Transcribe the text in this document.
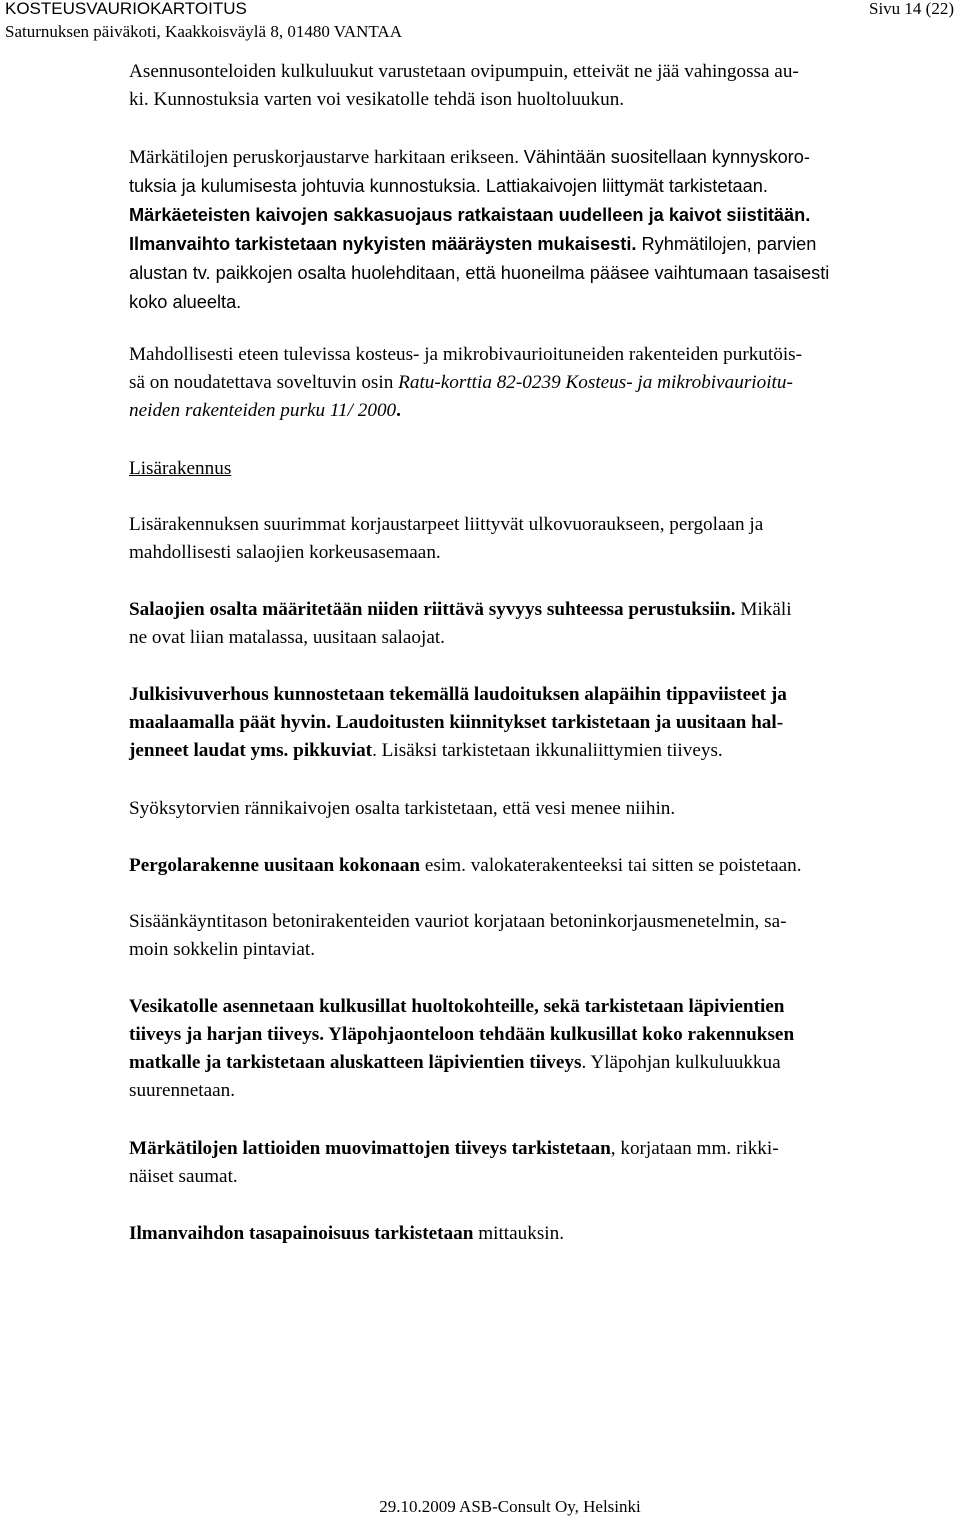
KOSTEUSVAURIOKARTOITUS
Saturnuksen päiväkoti, Kaakkoisväylä 8, 01480 VANTAA
Sivu 14 (22)
Asennusonteloiden kulkuluukut varustetaan ovipumpuin, etteivät ne jää vahingossa au-
ki. Kunnostuksia varten voi vesikatolle tehdä ison huoltoluukun.
Märkätilojen peruskorjaustarve harkitaan erikseen. Vähintään suositellaan kynnyskoro-
tuksia ja kulumisesta johtuvia kunnostuksia. Lattiakaivojen liittymät tarkistetaan.
Märkäeteisten kaivojen sakkasuojaus ratkaistaan uudelleen ja kaivot siistitään.
Ilmanvaihto tarkistetaan nykyisten määräysten mukaisesti. Ryhmätilojen, parvien
alustan tv. paikkojen osalta huolehditaan, että huoneilma pääsee vaihtumaan tasaisesti
koko alueelta.
Mahdollisesti eteen tulevissa kosteus- ja mikrobivaurioituneiden rakenteiden purkutöis-
sä on noudatettava soveltuvin osin Ratu-korttia 82-0239 Kosteus- ja mikrobivaurioitu-
neiden rakenteiden purku 11/ 2000.
Lisärakennus
Lisärakennuksen suurimmat korjaustarpeet liittyvät ulkovuoraukseen, pergolaan ja
mahdollisesti salaojien korkeusasemaan.
Salaojien osalta määritetään niiden riittävä syvyys suhteessa perustuksiin. Mikäli
ne ovat liian matalassa, uusitaan salaojat.
Julkisivuverhous kunnostetaan tekemällä laudoituksen alapäihin tippaviisteet ja
maalaamalla päät hyvin. Laudoitusten kiinnitykset tarkistetaan ja uusitaan hal-
jenneet laudat yms. pikkuviat. Lisäksi tarkistetaan ikkunaliittymien tiiveys.
Syöksytorvien rännikaivojen osalta tarkistetaan, että vesi menee niihin.
Pergolarakenne uusitaan kokonaan esim. valokaterakenteeksi tai sitten se poistetaan.
Sisäänkäyntitason betonirakenteiden vauriot korjataan betoninkorjausmenetelmin, sa-
moin sokkelin pintaviat.
Vesikatolle asennetaan kulkusillat huoltokohteille, sekä tarkistetaan läpivientien
tiiveys ja harjan tiiveys. Yläpohjaonteloon tehdään kulkusillat koko rakennuksen
matkalle ja tarkistetaan aluskatteen läpivientien tiiveys. Yläpohjan kulkuluukkua
suurennetaan.
Märkätilojen lattioiden muovimattojen tiiveys tarkistetaan, korjataan mm. rikki-
näiset saumat.
Ilmanvaihdon tasapainoisuus tarkistetaan mittauksin.
29.10.2009 ASB-Consult Oy, Helsinki
